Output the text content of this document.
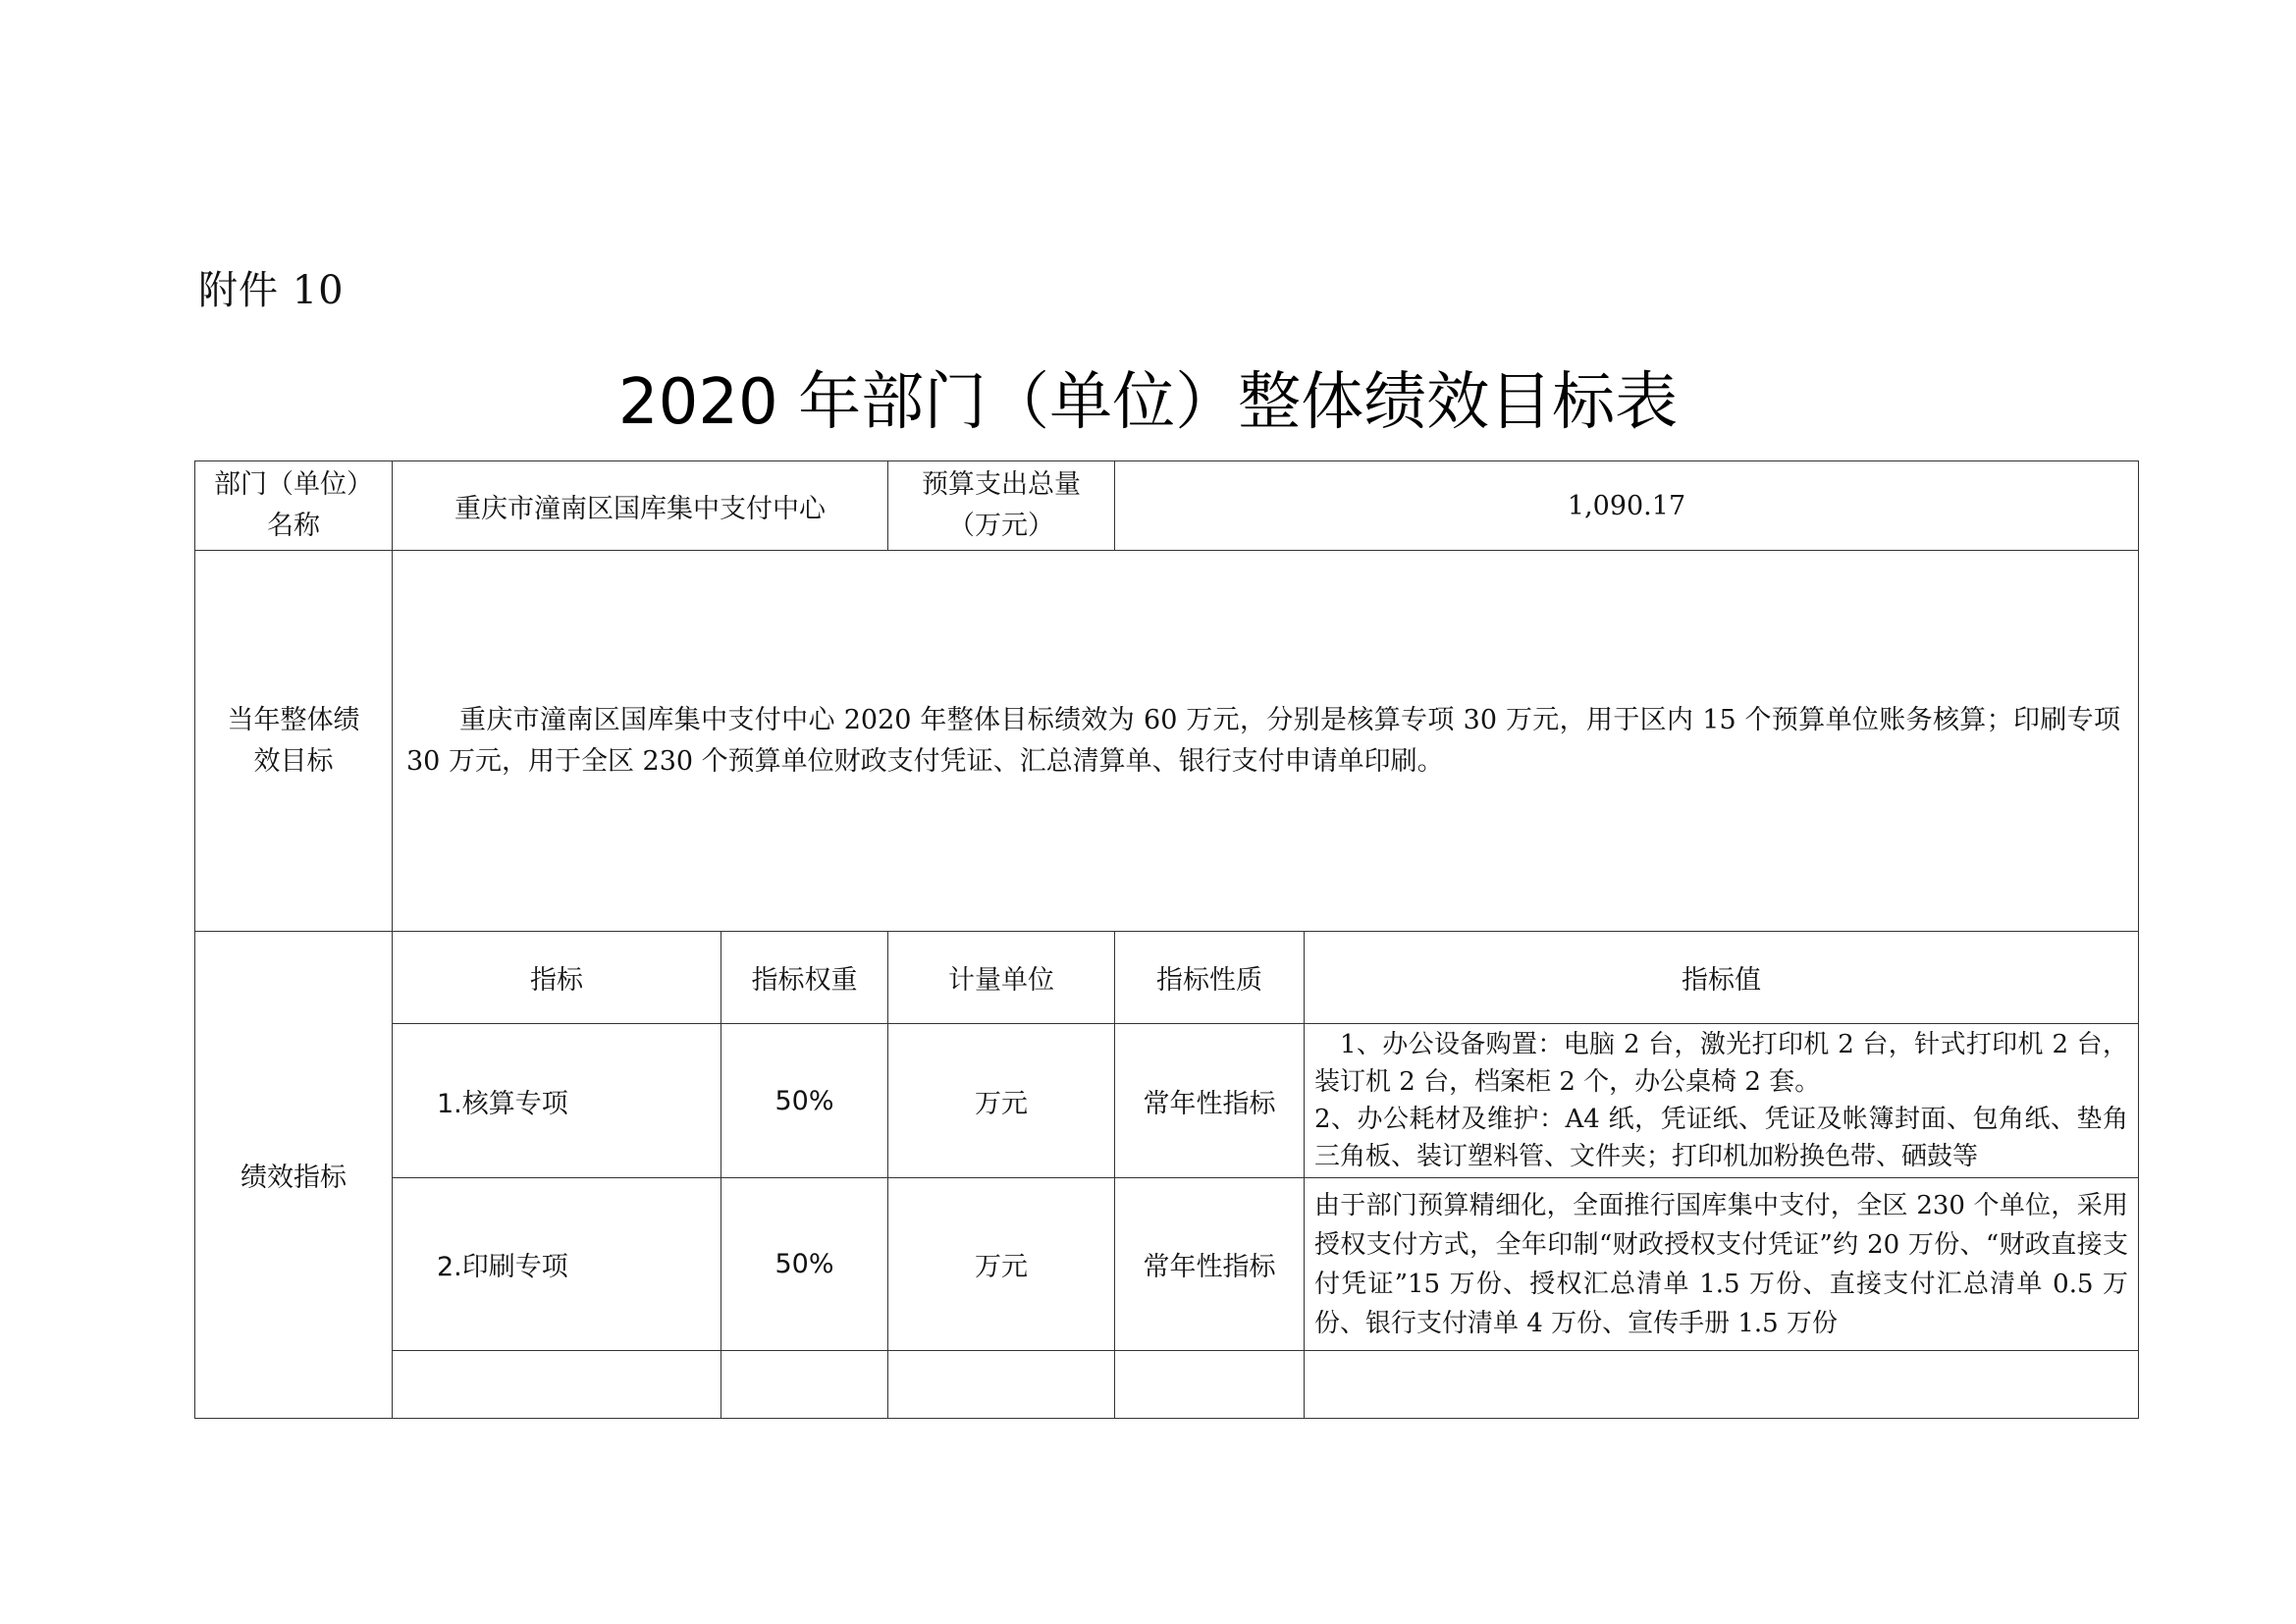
附件 10
2020 年部门（单位）整体绩效目标表
部门（单位）名称	重庆市潼南区国库集中支付中心		预算支出总量（万元）	1,090.17	
当年整体绩效目标	重庆市潼南区国库集中支付中心 2020 年整体目标绩效为 60 万元，分别是核算专项 30 万元，用于区内 15 个预算单位账务核算；印刷专项 30 万元，用于全区 230 个预算单位财政支付凭证、汇总清算单、银行支付申请单印刷。				
绩效指标	指标	指标权重	计量单位	指标性质	指标值
	1.核算专项	50%	万元	常年性指标	1、办公设备购置：电脑 2 台，激光打印机 2 台，针式打印机 2 台，装订机 2 台，档案柜 2 个，办公桌椅 2 套。
2、办公耗材及维护：A4 纸，凭证纸、凭证及帐簿封面、包角纸、垫角三角板、装订塑料管、文件夹；打印机加粉换色带、硒鼓等

	2.印刷专项	50%	万元	常年性指标	由于部门预算精细化，全面推行国库集中支付，全区 230 个单位，采用授权支付方式，全年印制“财政授权支付凭证”约 20 万份、“财政直接支付凭证”15 万份、授权汇总清单 1.5 万份、直接支付汇总清单 0.5 万份、银行支付清单 4 万份、宣传手册 1.5 万份
